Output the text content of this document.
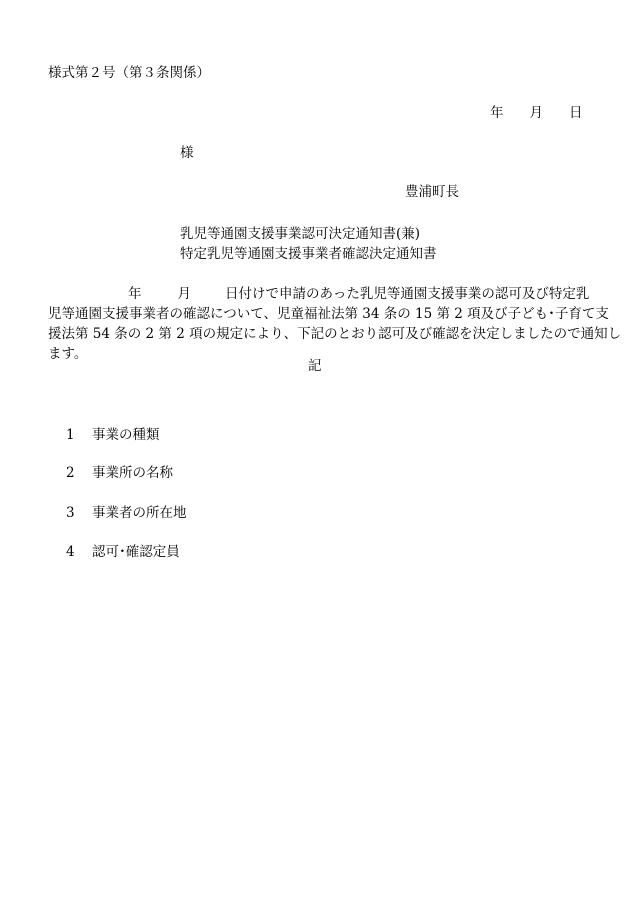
様式第２号（第３条関係）
年 月 日
様
豊浦町長
乳児等通園支援事業認可決定通知書(兼)
特定乳児等通園支援事業者確認決定通知書
年	月	日付けで申請のあった乳児等通園支援事業の認可及び特定乳
児等通園支援事業者の確認について、児童福祉法第 34 条の 15 第 2 項及び子ども･子育て支
援法第 54 条の 2 第 2 項の規定により、下記のとおり認可及び確認を決定しましたので通知し
ます。
記
1 事業の種類
2 事業所の名称
3 事業者の所在地
4 認可･確認定員
